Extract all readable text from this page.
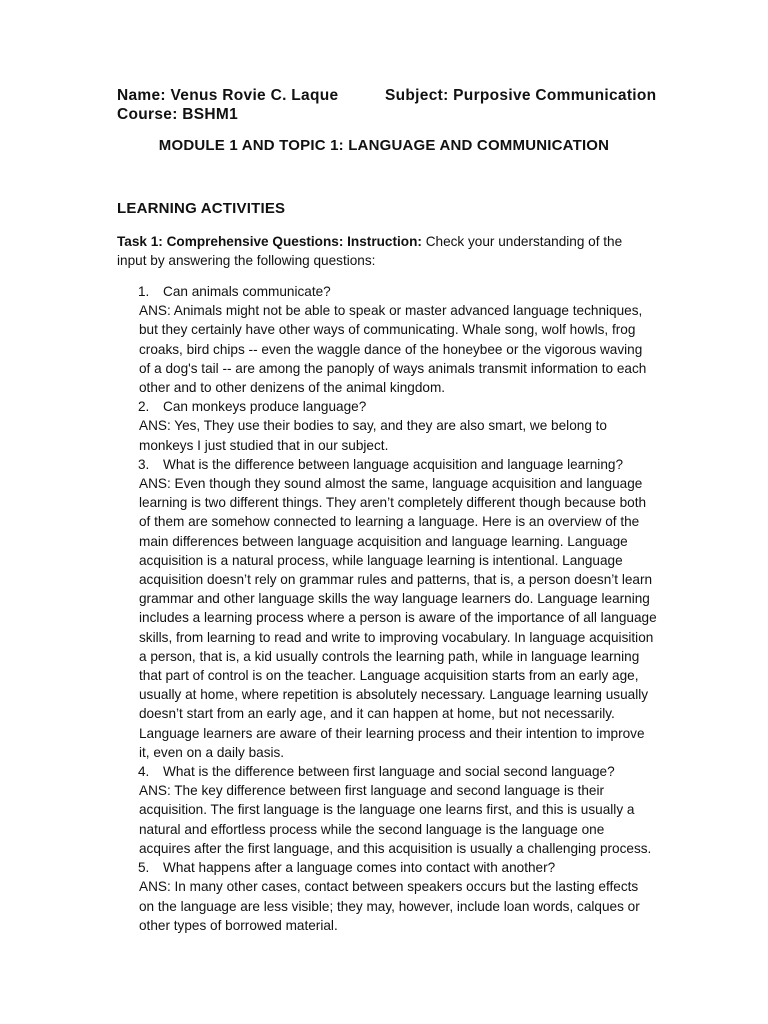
Name: Venus Rovie C. Laque	Subject: Purposive Communication
Course: BSHM1
MODULE 1 AND TOPIC 1: LANGUAGE AND COMMUNICATION
LEARNING ACTIVITIES
Task 1: Comprehensive Questions: Instruction: Check your understanding of the input by answering the following questions:
1.	Can animals communicate?
ANS: Animals might not be able to speak or master advanced language techniques, but they certainly have other ways of communicating. Whale song, wolf howls, frog croaks, bird chips -- even the waggle dance of the honeybee or the vigorous waving of a dog's tail -- are among the panoply of ways animals transmit information to each other and to other denizens of the animal kingdom.
2.	Can monkeys produce language?
ANS: Yes, They use their bodies to say, and they are also smart, we belong to monkeys I just studied that in our subject.
3.	What is the difference between language acquisition and language learning?
ANS: Even though they sound almost the same, language acquisition and language learning is two different things. They aren’t completely different though because both of them are somehow connected to learning a language. Here is an overview of the main differences between language acquisition and language learning. Language acquisition is a natural process, while language learning is intentional. Language acquisition doesn’t rely on grammar rules and patterns, that is, a person doesn’t learn grammar and other language skills the way language learners do. Language learning includes a learning process where a person is aware of the importance of all language skills, from learning to read and write to improving vocabulary. In language acquisition a person, that is, a kid usually controls the learning path, while in language learning that part of control is on the teacher. Language acquisition starts from an early age, usually at home, where repetition is absolutely necessary. Language learning usually doesn’t start from an early age, and it can happen at home, but not necessarily. Language learners are aware of their learning process and their intention to improve it, even on a daily basis.
4.	What is the difference between first language and social second language?
ANS: The key difference between first language and second language is their acquisition. The first language is the language one learns first, and this is usually a natural and effortless process while the second language is the language one acquires after the first language, and this acquisition is usually a challenging process.
5.	What happens after a language comes into contact with another?
ANS: In many other cases, contact between speakers occurs but the lasting effects on the language are less visible; they may, however, include loan words, calques or other types of borrowed material.
